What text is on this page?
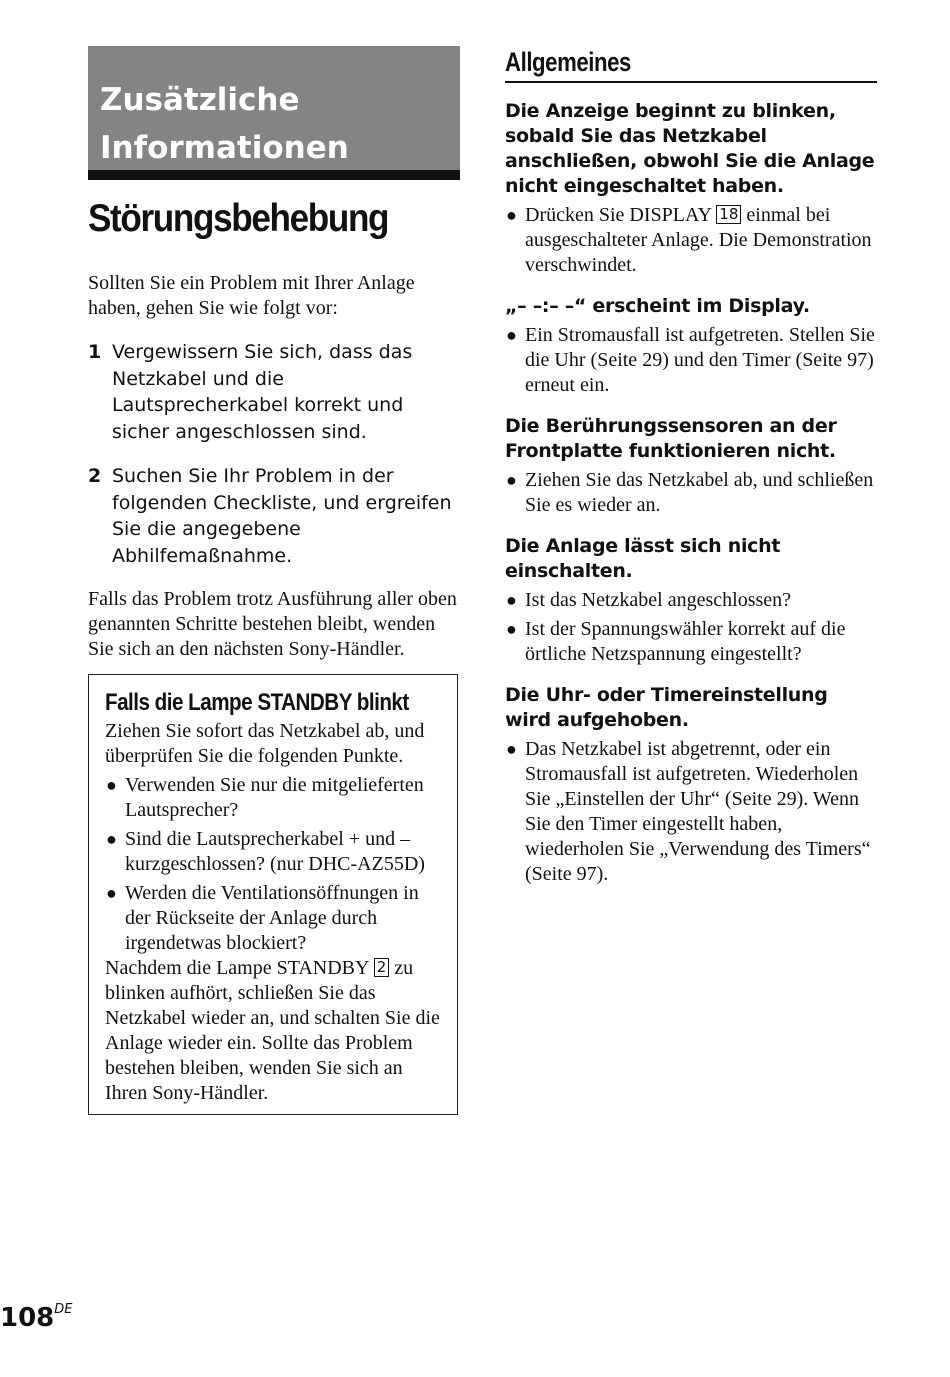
Zusätzliche
Informationen
Störungsbehebung

Sollten Sie ein Problem mit Ihrer Anlage haben, gehen Sie wie folgt vor:

1 Vergewissern Sie sich, dass das Netzkabel und die Lautsprecherkabel korrekt und sicher angeschlossen sind.
2 Suchen Sie Ihr Problem in der folgenden Checkliste, und ergreifen Sie die angegebene Abhilfemaßnahme.

Falls das Problem trotz Ausführung aller oben genannten Schritte bestehen bleibt, wenden Sie sich an den nächsten Sony-Händler.

Falls die Lampe STANDBY blinkt
Ziehen Sie sofort das Netzkabel ab, und überprüfen Sie die folgenden Punkte.
● Verwenden Sie nur die mitgelieferten Lautsprecher?
● Sind die Lautsprecherkabel + und – kurzgeschlossen? (nur DHC-AZ55D)
● Werden die Ventilationsöffnungen in der Rückseite der Anlage durch irgendetwas blockiert?
Nachdem die Lampe STANDBY 2 zu blinken aufhört, schließen Sie das Netzkabel wieder an, und schalten Sie die Anlage wieder ein. Sollte das Problem bestehen bleiben, wenden Sie sich an Ihren Sony-Händler.
Allgemeines
Die Anzeige beginnt zu blinken, sobald Sie das Netzkabel anschließen, obwohl Sie die Anlage nicht eingeschaltet haben.
● Drücken Sie DISPLAY 18 einmal bei ausgeschalteter Anlage. Die Demonstration verschwindet.
„– –:– –“ erscheint im Display.
● Ein Stromausfall ist aufgetreten. Stellen Sie die Uhr (Seite 29) und den Timer (Seite 97) erneut ein.
Die Berührungssensoren an der Frontplatte funktionieren nicht.
● Ziehen Sie das Netzkabel ab, und schließen Sie es wieder an.
Die Anlage lässt sich nicht einschalten.
● Ist das Netzkabel angeschlossen?
● Ist der Spannungswähler korrekt auf die örtliche Netzspannung eingestellt?
Die Uhr- oder Timereinstellung wird aufgehoben.
● Das Netzkabel ist abgetrennt, oder ein Stromausfall ist aufgetreten. Wiederholen Sie „Einstellen der Uhr“ (Seite 29). Wenn Sie den Timer eingestellt haben, wiederholen Sie „Verwendung des Timers“ (Seite 97).
108DE
